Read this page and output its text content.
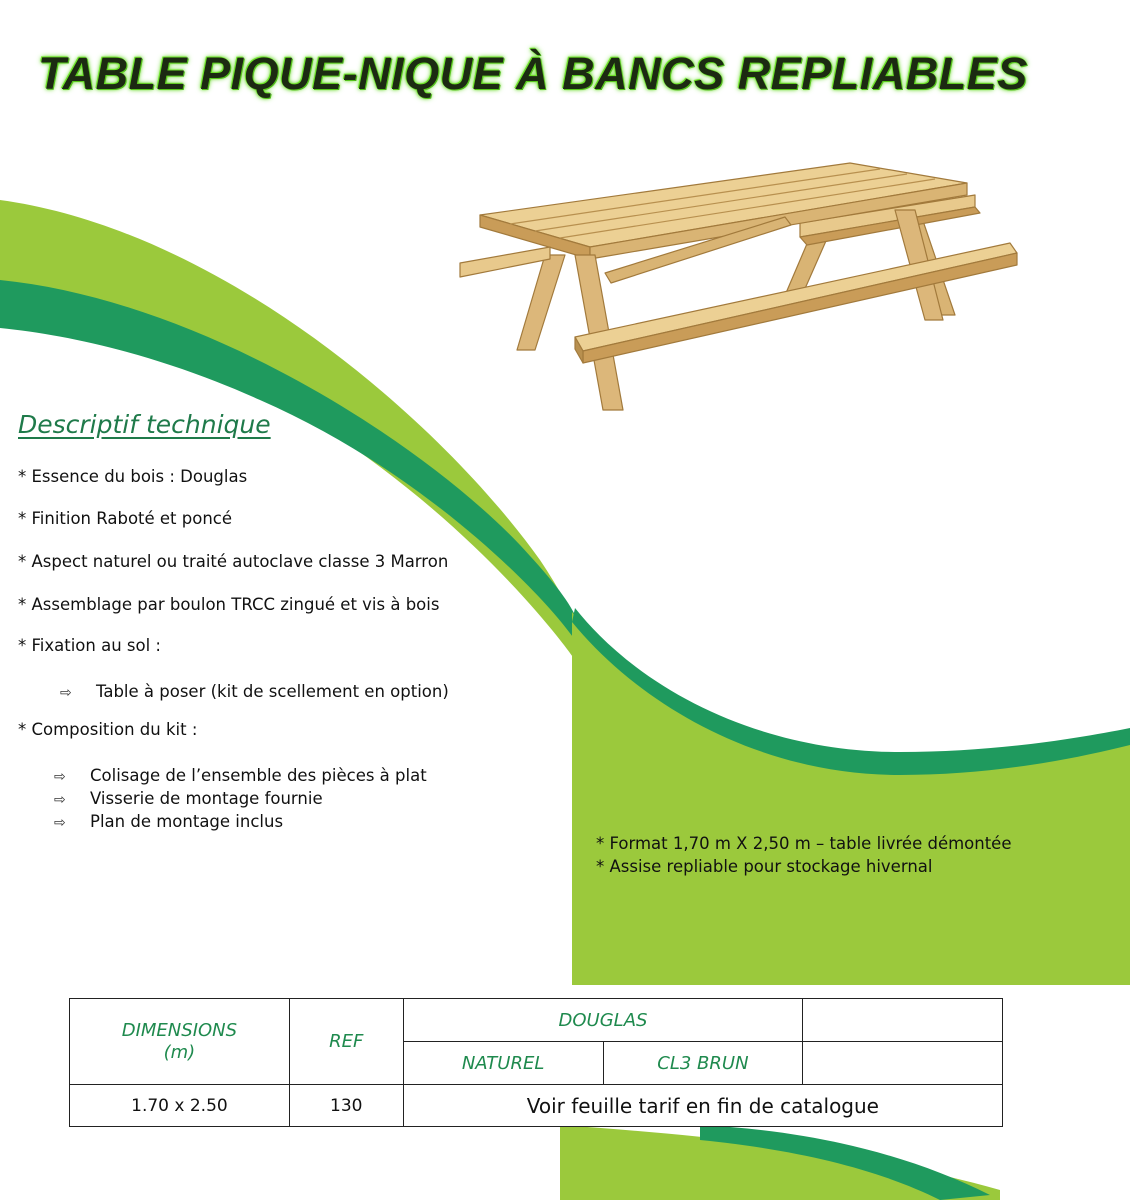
TABLE PIQUE-NIQUE À BANCS REPLIABLES
Descriptif technique
* Essence du bois : Douglas
* Finition Raboté et poncé
* Aspect naturel ou traité autoclave classe 3 Marron
* Assemblage par boulon TRCC zingué et vis à bois
* Fixation au sol :
⇨ Table à poser (kit de scellement en option)
* Composition du kit :
⇨ Colisage de l’ensemble des pièces à plat
⇨ Visserie de montage fournie
⇨ Plan de montage inclus
* Format 1,70 m X 2,50 m – table livrée démontée
* Assise repliable pour stockage hivernal
DIMENSIONS
(m)	REF	DOUGLAS		
		NATUREL	CL3 BRUN	
1.70 x 2.50	130	Voir feuille tarif en fin de catalogue		
